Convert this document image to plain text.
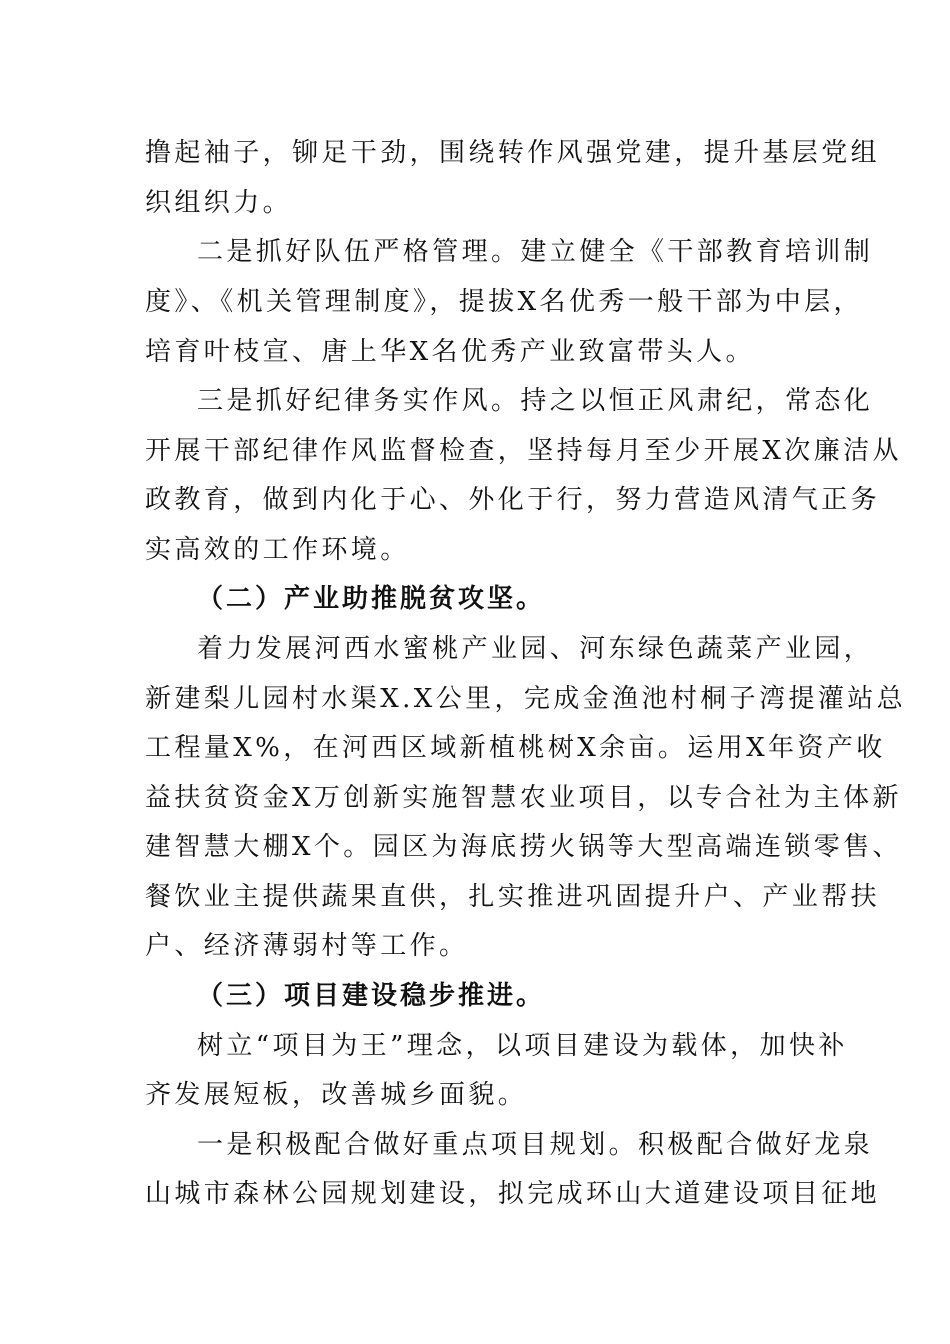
撸起袖子，铆足干劲，围绕转作风强党建，提升基层党组
织组织力。
二是抓好队伍严格管理。建立健全《干部教育培训制
度》、《机关管理制度》，提拔X名优秀一般干部为中层，
培育叶枝宣、唐上华X名优秀产业致富带头人。
三是抓好纪律务实作风。持之以恒正风肃纪，常态化
开展干部纪律作风监督检查，坚持每月至少开展X次廉洁从
政教育，做到内化于心、外化于行，努力营造风清气正务
实高效的工作环境。
（二）产业助推脱贫攻坚。
着力发展河西水蜜桃产业园、河东绿色蔬菜产业园，
新建梨儿园村水渠X.X公里，完成金渔池村桐子湾提灌站总
工程量X%，在河西区域新植桃树X余亩。运用X年资产收
益扶贫资金X万创新实施智慧农业项目，以专合社为主体新
建智慧大棚X个。园区为海底捞火锅等大型高端连锁零售、
餐饮业主提供蔬果直供，扎实推进巩固提升户、产业帮扶
户、经济薄弱村等工作。
（三）项目建设稳步推进。
树立“项目为王”理念，以项目建设为载体，加快补
齐发展短板，改善城乡面貌。
一是积极配合做好重点项目规划。积极配合做好龙泉
山城市森林公园规划建设，拟完成环山大道建设项目征地
